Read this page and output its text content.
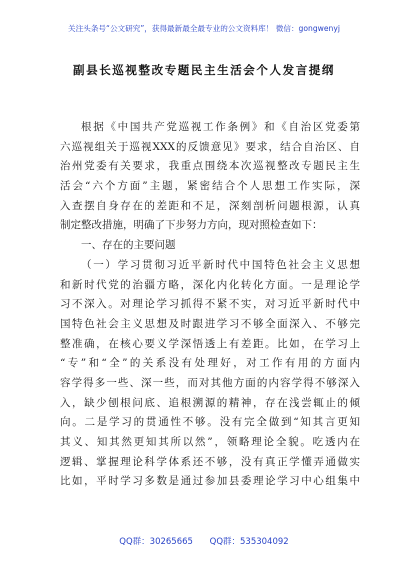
关注头条号“公文研究”，获得最新最全最专业的公文资料库！ 微信：gongwenyj
副县长巡视整改专题民主生活会个人发言提纲
根据《中国共产党巡视工作条例》和《自治区党委第
六巡视组关于巡视XXX的反馈意见》要求，结合自治区、自
治州党委有关要求，我重点围绕本次巡视整改专题民主生
活会“六个方面”主题，紧密结合个人思想工作实际，深
入查摆自身存在的差距和不足，深刻剖析问题根源，认真
制定整改措施，明确了下步努力方向，现对照检查如下：
一、存在的主要问题
（一）学习贯彻习近平新时代中国特色社会主义思想
和新时代党的治疆方略，深化内化转化方面。一是理论学
习不深入。对理论学习抓得不紧不实，对习近平新时代中
国特色社会主义思想及时跟进学习不够全面深入、不够完
整准确，在核心要义学深悟透上有差距。比如，在学习上
“专”和“全”的关系没有处理好，对工作有用的方面内
容学得多一些、深一些，而对其他方面的内容学得不够深入
入，缺少刨根问底、追根溯源的精神，存在浅尝辄止的倾
向。二是学习的贯通性不够。没有完全做到“知其言更知
其义、知其然更知其所以然”，领略理论全貌。吃透内在
逻辑、掌握理论科学体系还不够，没有真正学懂弄通做实
比如，平时学习多数是通过参加县委理论学习中心组集中
QQ群：30265665 QQ群：535304092
